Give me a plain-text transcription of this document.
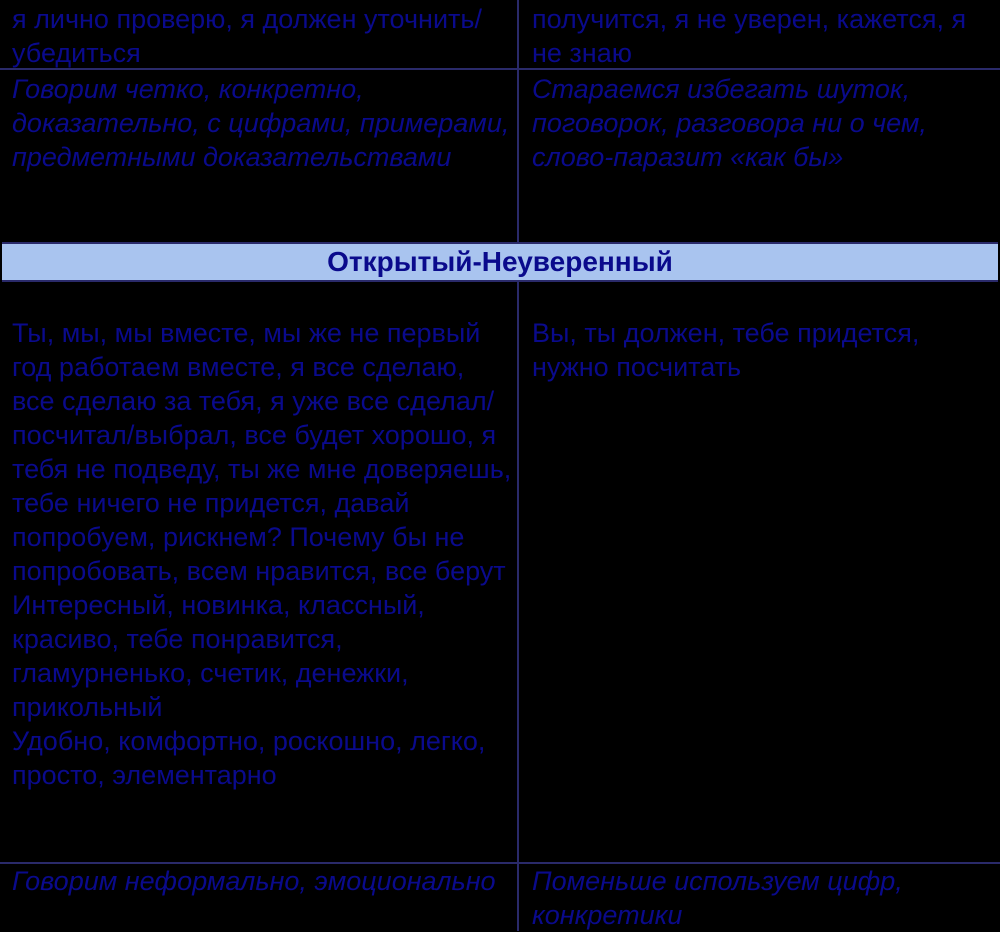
я лично проверю, я должен уточнить/убедиться

получится, я не уверен, кажется, я не знаю

Говорим четко, конкретно, доказательно, с цифрами, примерами, предметными доказательствами

Стараемся избегать шуток, поговорок, разговора ни о чем, слово-паразит «как бы»

Открытый-Неуверенный
Ты, мы, мы вместе, мы же не первый год работаем вместе, я все сделаю, все сделаю за тебя, я уже все сделал/посчитал/выбрал, все будет хорошо, я тебя не подведу, ты же мне доверяешь, тебе ничего не придется, давай попробуем, рискнем? Почему бы не попробовать, всем нравится, все берут
Интересный, новинка, классный, красиво, тебе понравится, гламурненько, счетик, денежки, прикольный
Удобно, комфортно, роскошно, легко, просто, элементарно

Вы, ты должен, тебе придется, нужно посчитать

Говорим неформально, эмоционально	Поменьше используем цифр, конкретики
